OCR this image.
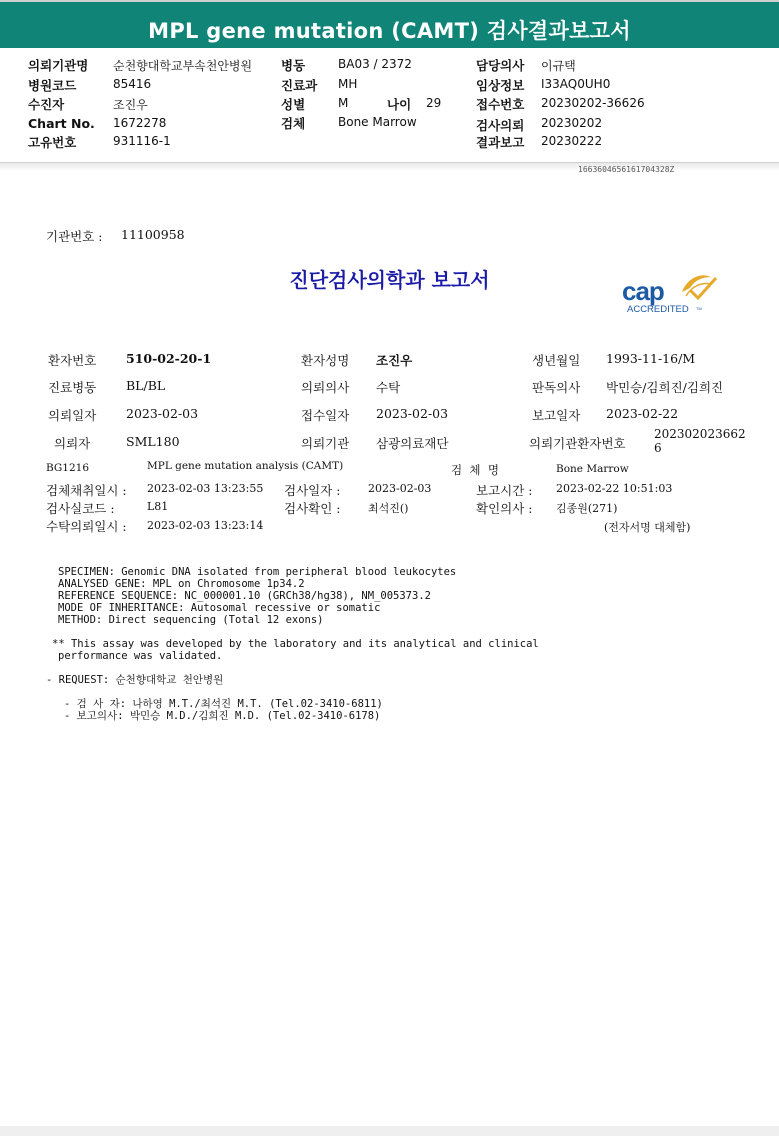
MPL gene mutation (CAMT) 검사결과보고서
의뢰기관명 순천향대학교부속천안병원
병원코드	85416
수진자	조진우
Chart No. 1672278
고유번호	931116-1
병동	BA03 / 2372
진료과 MH
성별	M	나이 29
검체	Bone Marrow
담당의사 이규택
임상정보 I33AQ0UH0
접수번호 20230202-36626
검사의뢰 20230202
결과보고 20230222
1663604656161704328Z
기관번호 : 11100958
진단검사의학과 보고서	cap
ACCREDITED TM
환자번호 510-02-20-1	환자성명 조진우	생년월일 1993-11-16/M
진료병동 BL/BL	의뢰의사 수탁	판독의사 박민승/김희진/김희진
의뢰일자 2023-02-03	접수일자 2023-02-03	보고일자 2023-02-22
의뢰자	SML180	의뢰기관 삼광의료재단	의뢰기관환자번호
202302023662
6
BG1216	MPL gene mutation analysis (CAMT)	검  체  명	Bone Marrow
검체채취일시 : 2023-02-03 13:23:55 검사일자 :	2023-02-03	보고시간 : 2023-02-22 10:51:03
검사실코드 :	L81	검사확인 :	최석진()	확인의사 : 김종원(271)
수탁의뢰일시 : 2023-02-03 13:23:14	(전자서명 대체함)
SPECIMEN: Genomic DNA isolated from peripheral blood leukocytes
ANALYSED GENE: MPL on Chromosome 1p34.2
REFERENCE SEQUENCE: NC_000001.10 (GRCh38/hg38), NM_005373.2
MODE OF INHERITANCE: Autosomal recessive or somatic
METHOD: Direct sequencing (Total 12 exons)
** This assay was developed by the laboratory and its analytical and clinical
performance was validated.
- REQUEST: 순천향대학교 천안병원
- 검 사 자: 나하영 M.T./최석진 M.T. (Tel.02-3410-6811)
- 보고의사: 박민승 M.D./김희진 M.D. (Tel.02-3410-6178)
